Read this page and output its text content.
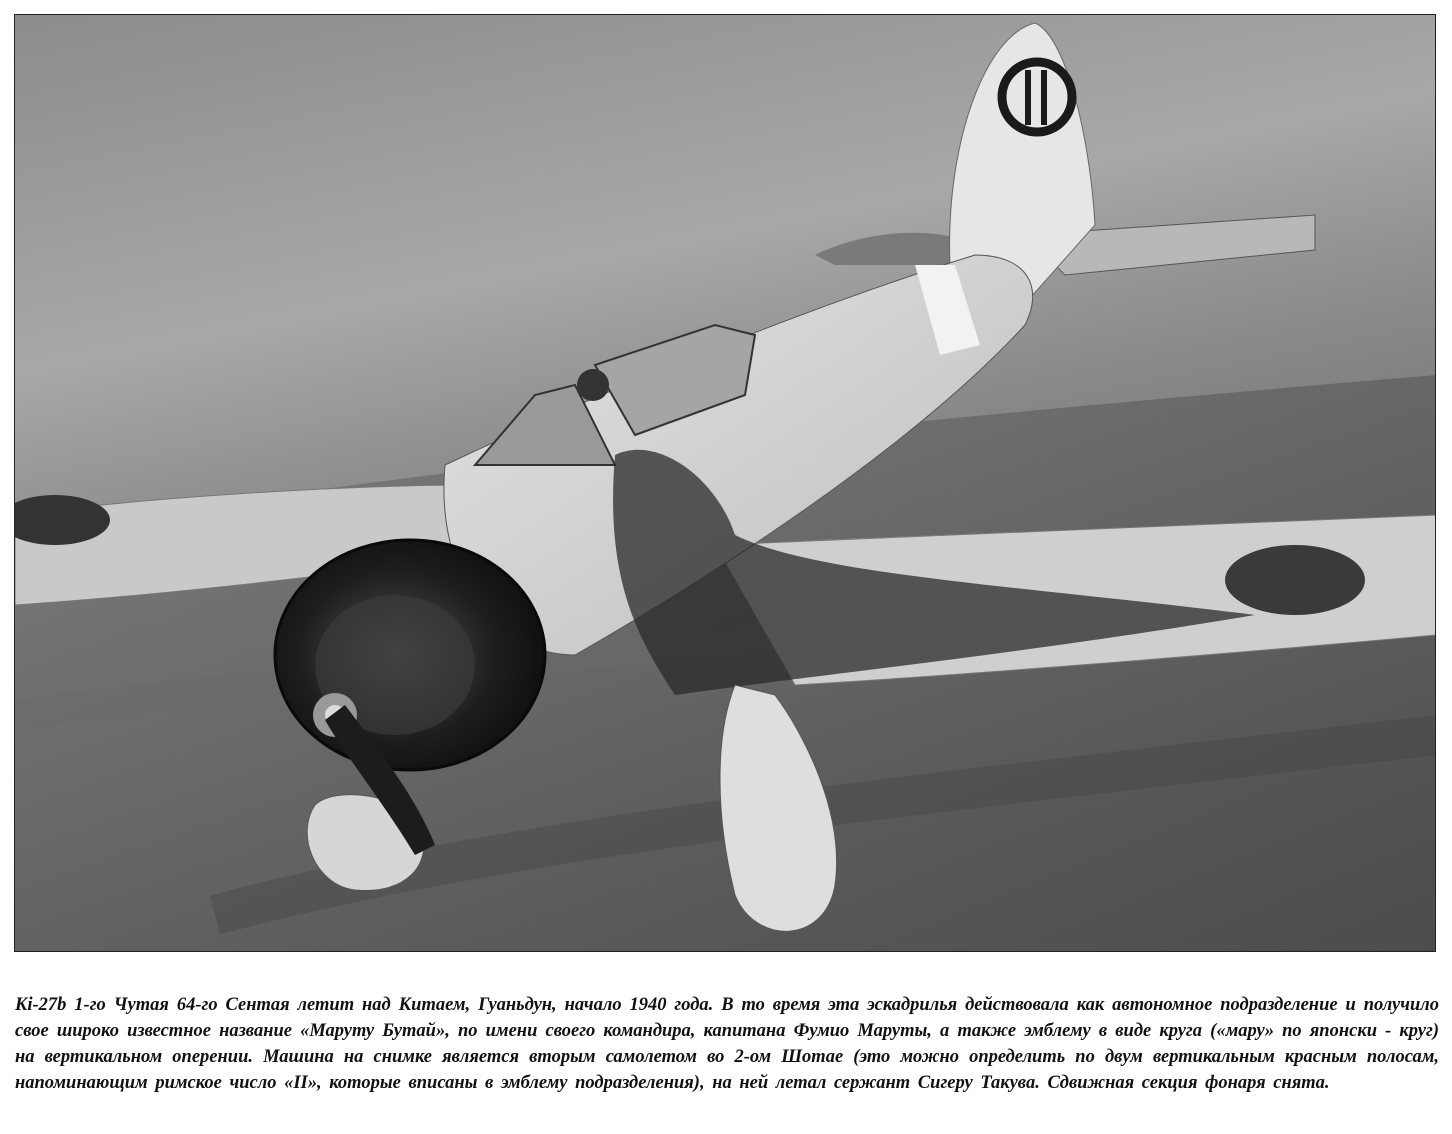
Ki-27b 1-го Чутая 64-го Сентая летит над Китаем, Гуаньдун, начало 1940 года. В то время эта эскадрилья действовала как автономное подразделение и получило свое широко известное название «Маруту Бутай», по имени своего командира, капитана Фумио Маруты, а также эмблему в виде круга («мару» по японски - круг) на вертикальном оперении. Машина на снимке является вторым самолетом во 2-ом Шотае (это можно определить по двум вертикальным красным полосам, напоминающим римское число «II», которые вписаны в эмблему подразделения), на ней летал сержант Сигеру Такува. Сдвижная секция фонаря снята.
